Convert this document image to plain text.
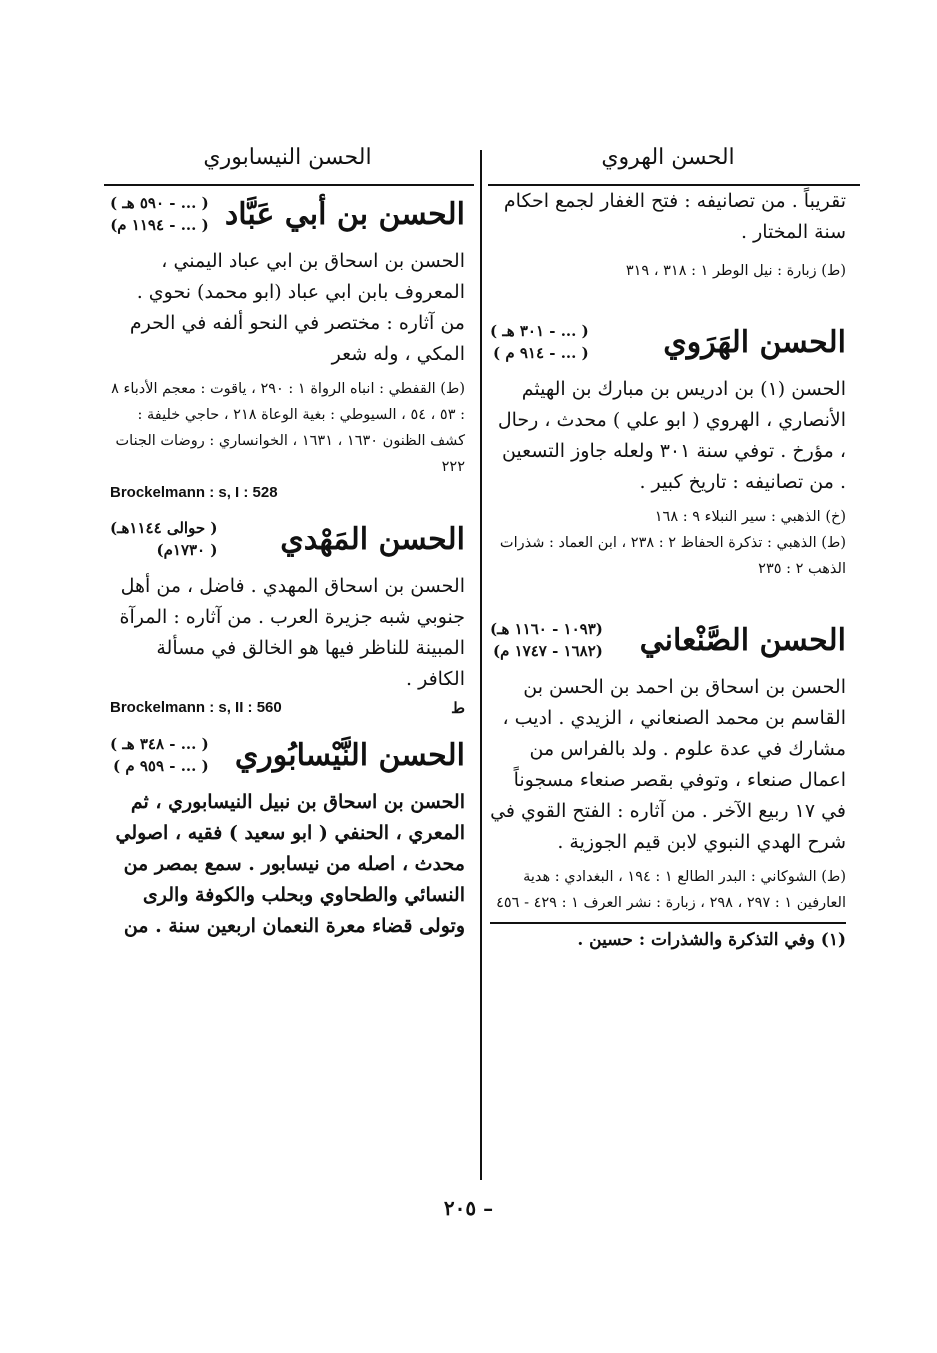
الحسن الهروي
تقريباً . من تصانيفه : فتح الغفار لجمع احكام سنة المختار .
(ط) زبارة : نيل الوطر ١ : ٣١٨ ، ٣١٩
الحسن الهَرَوي
( ... - ٣٠١ هـ )
( ... - ٩١٤ م )
الحسن (١) بن ادريس بن مبارك بن الهيثم الأنصاري ، الهروي ( ابو علي ) محدث ، رحال ، مؤرخ . توفي سنة ٣٠١ ولعله جاوز التسعين . من تصانيفه : تاريخ كبير .
(خ) الذهبي : سير النبلاء ٩ : ١٦٨
(ط) الذهبي : تذكرة الحفاظ ٢ : ٢٣٨ ، ابن العماد : شذرات الذهب ٢ : ٢٣٥
الحسن الصَّنْعاني
(١٠٩٣ - ١١٦٠ هـ)
(١٦٨٢ - ١٧٤٧ م)
الحسن بن اسحاق بن احمد بن الحسن بن القاسم بن محمد الصنعاني ، الزيدي . اديب ، مشارك في عدة علوم . ولد بالفراس من اعمال صنعاء ، وتوفي بقصر صنعاء مسجوناً في ١٧ ربيع الآخر . من آثاره : الفتح القوي في شرح الهدي النبوي لابن قيم الجوزية .
(ط) الشوكاني : البدر الطالع ١ : ١٩٤ ، البغدادي : هدية العارفين ١ : ٢٩٧ ، ٢٩٨ ، زبارة : نشر العرف ١ : ٤٢٩ - ٤٥٦
(١) وفي التذكرة والشذرات : حسين .
الحسن النيسابوري
الحسن بن أبي عَبَّاد
( ... - ٥٩٠ هـ )
( ... - ١١٩٤ م)
الحسن بن اسحاق بن ابي عباد اليمني ، المعروف بابن ابي عباد (ابو محمد) نحوي . من آثاره : مختصر في النحو ألفه في الحرم المكي ، وله شعر
(ط) القفطي : انباه الرواة ١ : ٢٩٠ ، ياقوت : معجم الأدباء ٨ : ٥٣ ، ٥٤ ، السيوطي : بغية الوعاة ٢١٨ ، حاجي خليفة : كشف الظنون ١٦٣٠ ، ١٦٣١ ، الخوانساري : روضات الجنات ٢٢٢
Brockelmann : s, I : 528
الحسن المَهْدي
( حوالى ١١٤٤هـ)
( ١٧٣٠م)
الحسن بن اسحاق المهدي . فاضل ، من أهل جنوبي شبه جزيرة العرب . من آثاره : المرآة المبينة للناظر فيها هو الخالق في مسألة الكافر .
Brockelmann : s, II : 560	ط
الحسن النَّيْسابُوري
( ... - ٣٤٨ هـ )
( ... - ٩٥٩ م )
الحسن بن اسحاق بن نبيل النيسابوري ، ثم المعري ، الحنفي ( ابو سعيد ) فقيه ، اصولي محدث ، اصله من نيسابور . سمع بمصر من النسائي والطحاوي وبحلب والكوفة والرى وتولى قضاء معرة النعمان اربعين سنة . من
– ٢٠٥
